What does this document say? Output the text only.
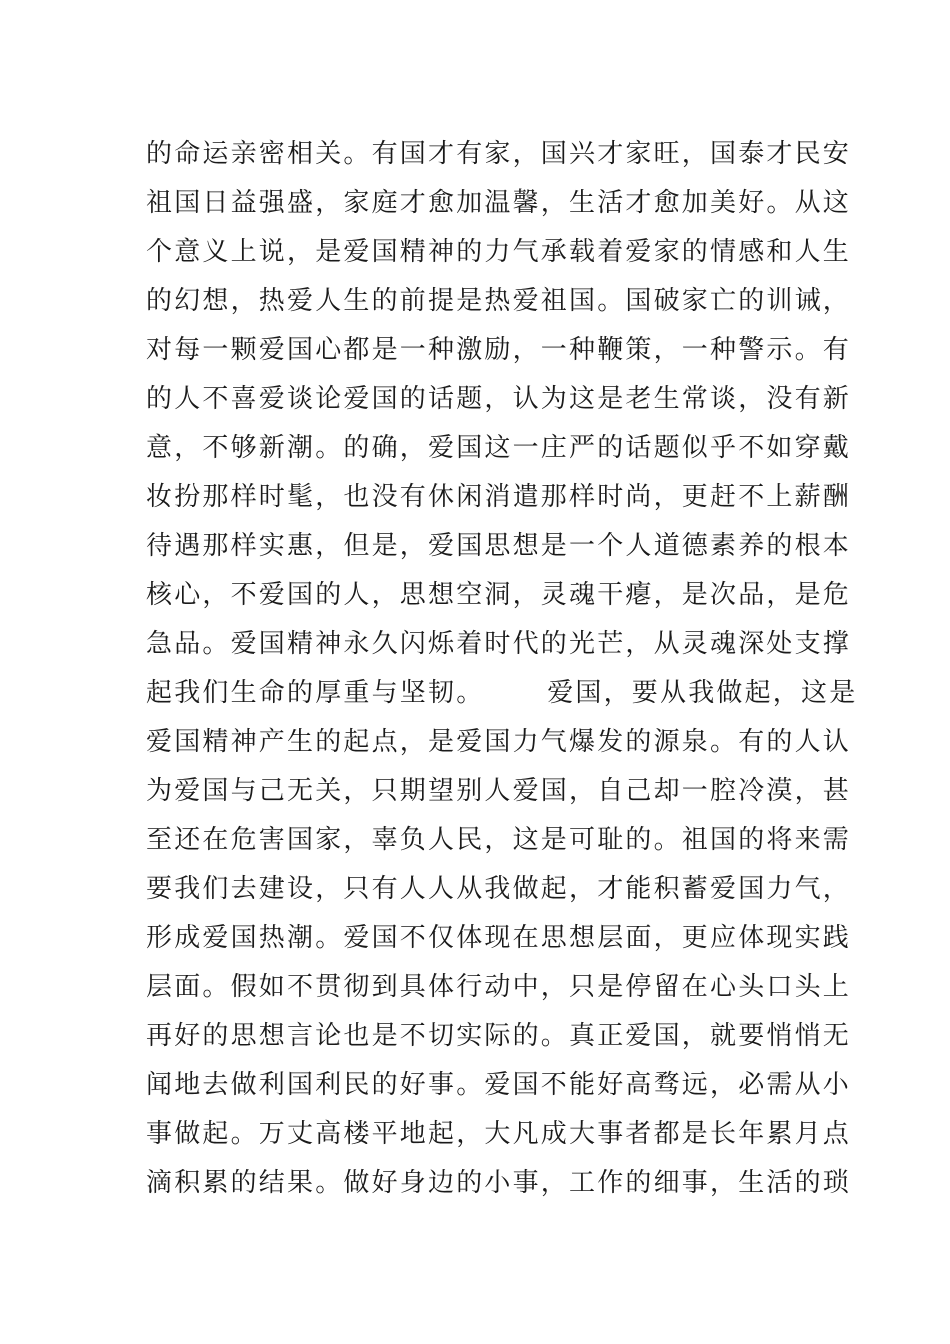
的命运亲密相关。有国才有家，国兴才家旺，国泰才民安
祖国日益强盛，家庭才愈加温馨，生活才愈加美好。从这
个意义上说，是爱国精神的力气承载着爱家的情感和人生
的幻想，热爱人生的前提是热爱祖国。国破家亡的训诫，
对每一颗爱国心都是一种激励，一种鞭策，一种警示。有
的人不喜爱谈论爱国的话题，认为这是老生常谈，没有新
意，不够新潮。的确，爱国这一庄严的话题似乎不如穿戴
妆扮那样时髦，也没有休闲消遣那样时尚，更赶不上薪酬
待遇那样实惠，但是，爱国思想是一个人道德素养的根本
核心，不爱国的人，思想空洞，灵魂干瘪，是次品，是危
急品。爱国精神永久闪烁着时代的光芒，从灵魂深处支撑
起我们生命的厚重与坚韧。      爱国，要从我做起，这是
爱国精神产生的起点，是爱国力气爆发的源泉。有的人认
为爱国与己无关，只期望别人爱国，自己却一腔冷漠，甚
至还在危害国家，辜负人民，这是可耻的。祖国的将来需
要我们去建设，只有人人从我做起，才能积蓄爱国力气，
形成爱国热潮。爱国不仅体现在思想层面，更应体现实践
层面。假如不贯彻到具体行动中，只是停留在心头口头上
再好的思想言论也是不切实际的。真正爱国，就要悄悄无
闻地去做利国利民的好事。爱国不能好高骛远，必需从小
事做起。万丈高楼平地起，大凡成大事者都是长年累月点
滴积累的结果。做好身边的小事，工作的细事，生活的琐
